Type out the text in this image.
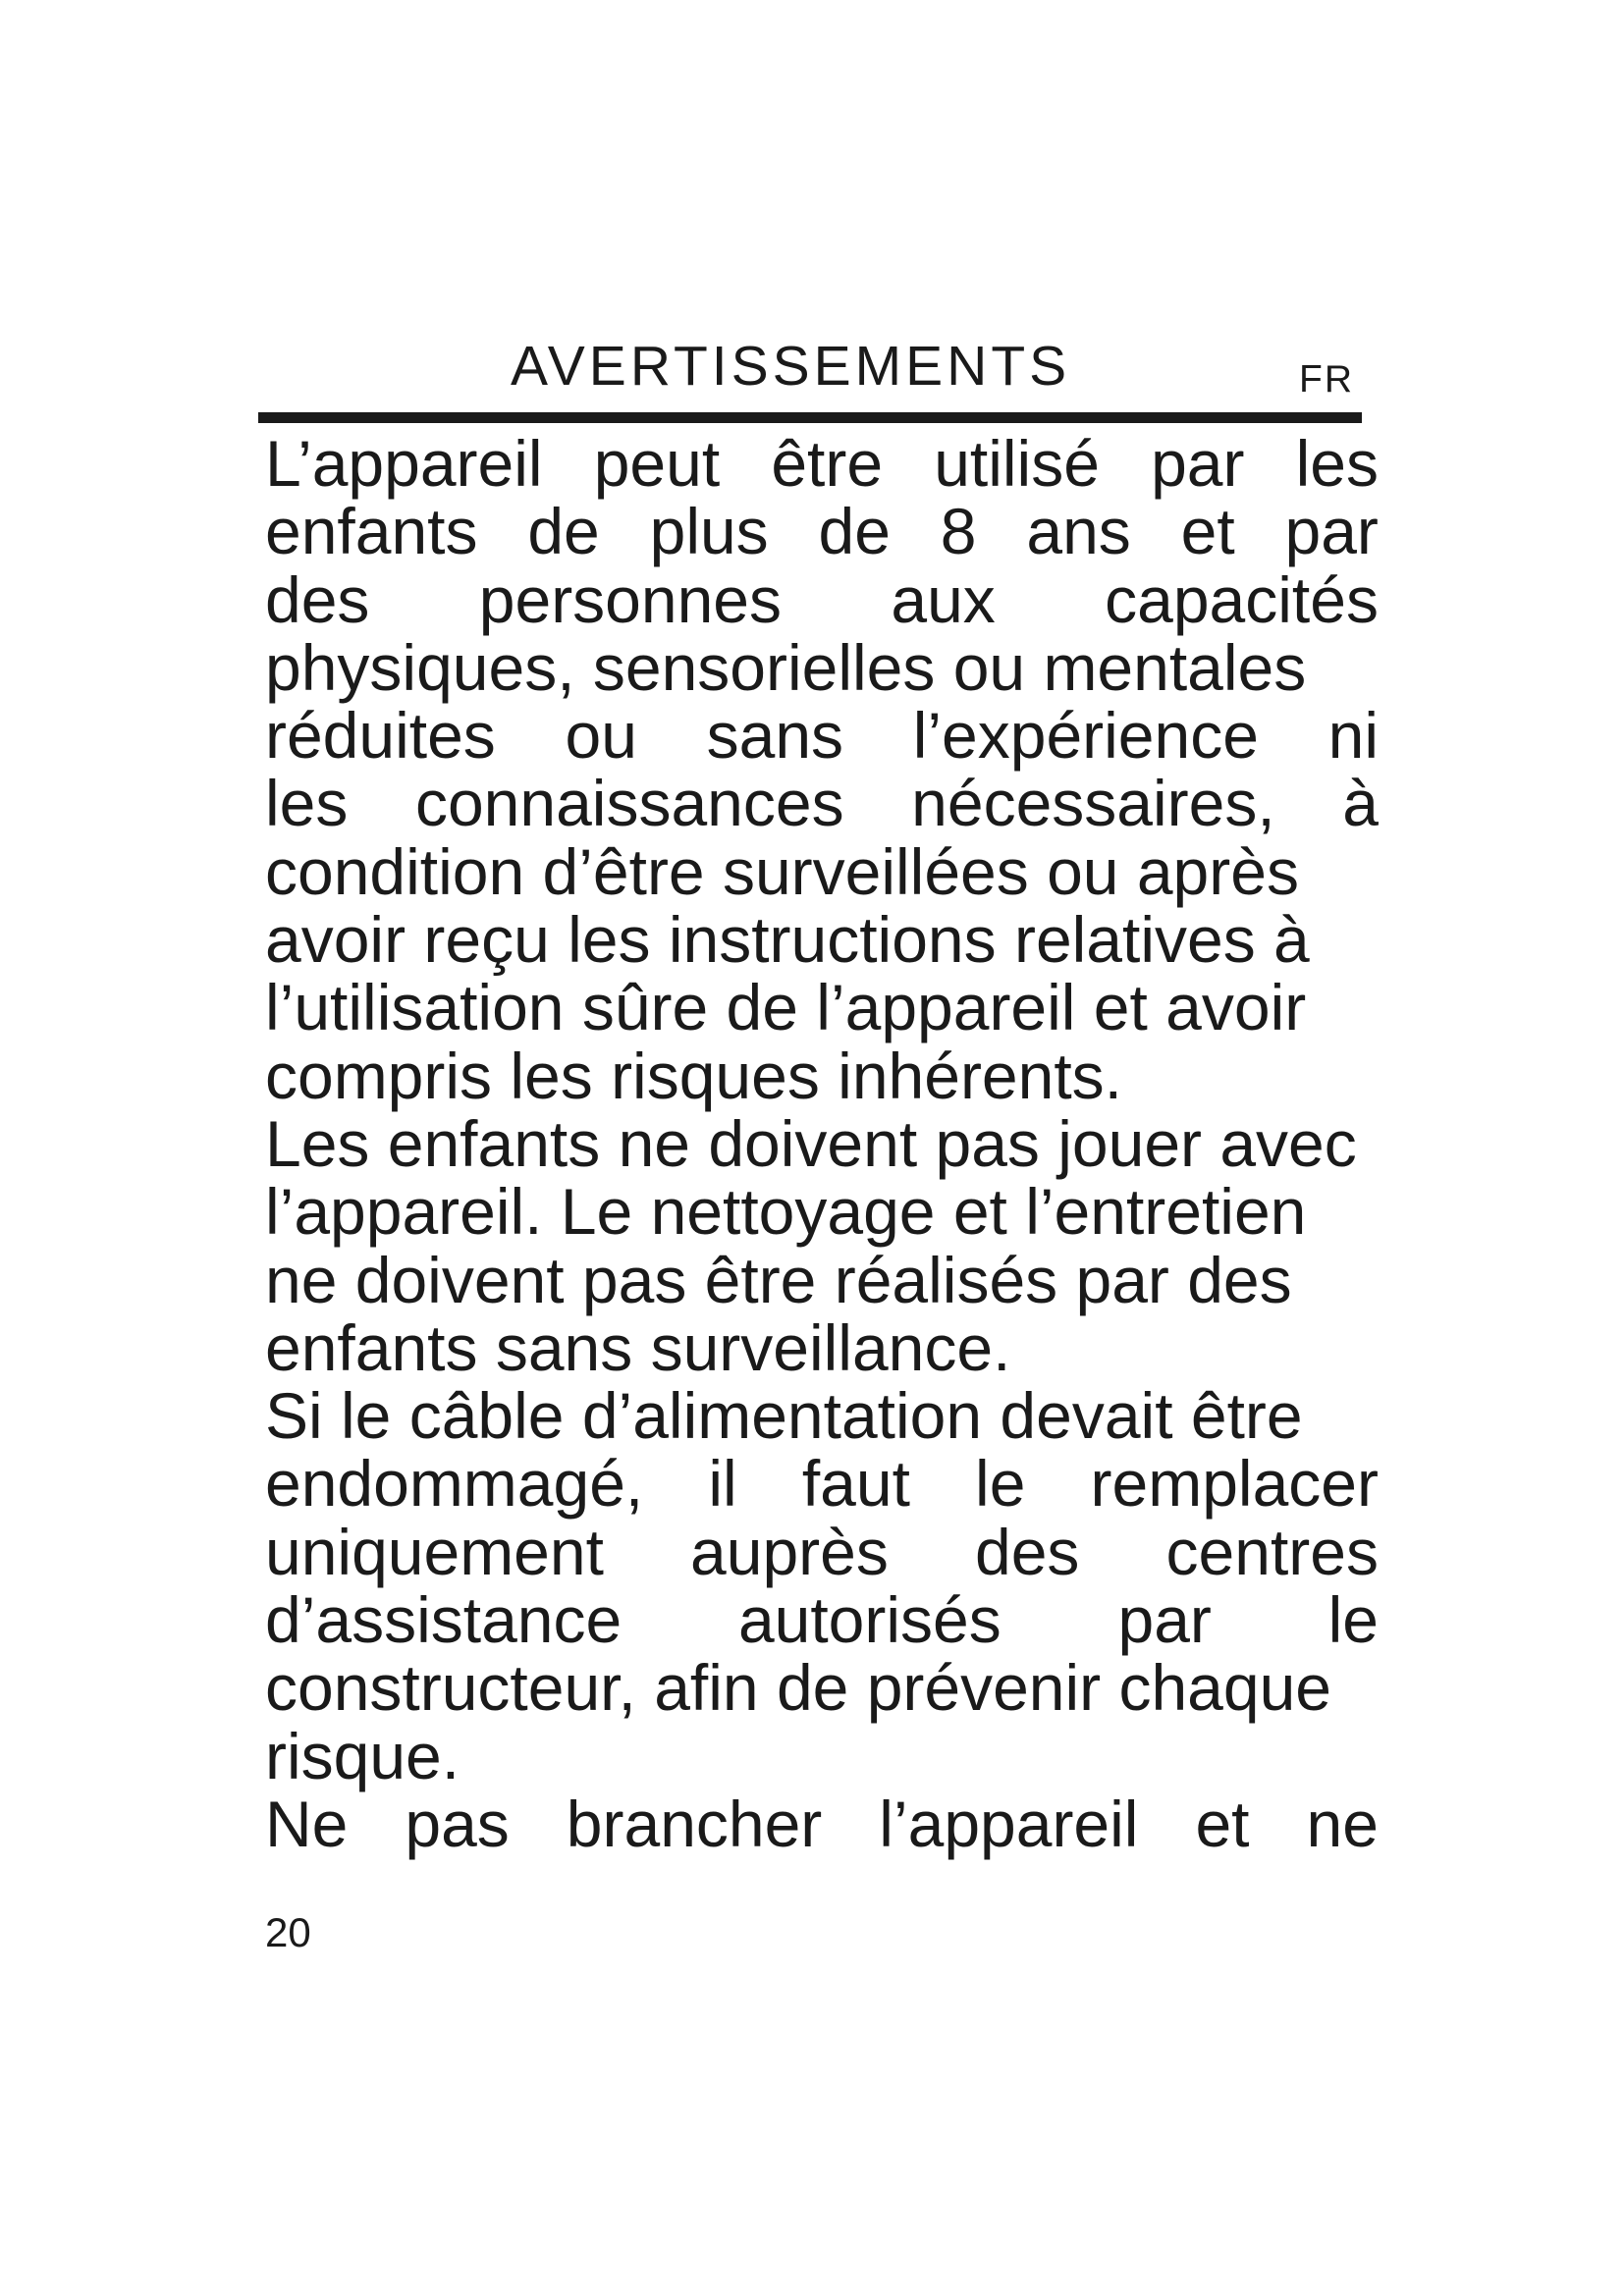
AVERTISSEMENTS	FR
L’appareil peut être utilisé par les
enfants de plus de 8 ans et par
des personnes aux capacités
physiques, sensorielles ou mentales
réduites ou sans l’expérience ni
les connaissances nécessaires, à
condition d’être surveillées ou après
avoir reçu les instructions relatives à
l’utilisation sûre de l’appareil et avoir
compris les risques inhérents.
Les enfants ne doivent pas jouer avec
l’appareil. Le nettoyage et l’entretien
ne doivent pas être réalisés par des
enfants sans surveillance.
Si le câble d’alimentation devait être
endommagé, il faut le remplacer
uniquement auprès des centres
d’assistance autorisés par le
constructeur, afin de prévenir chaque
risque.
Ne pas brancher l’appareil et ne
20
